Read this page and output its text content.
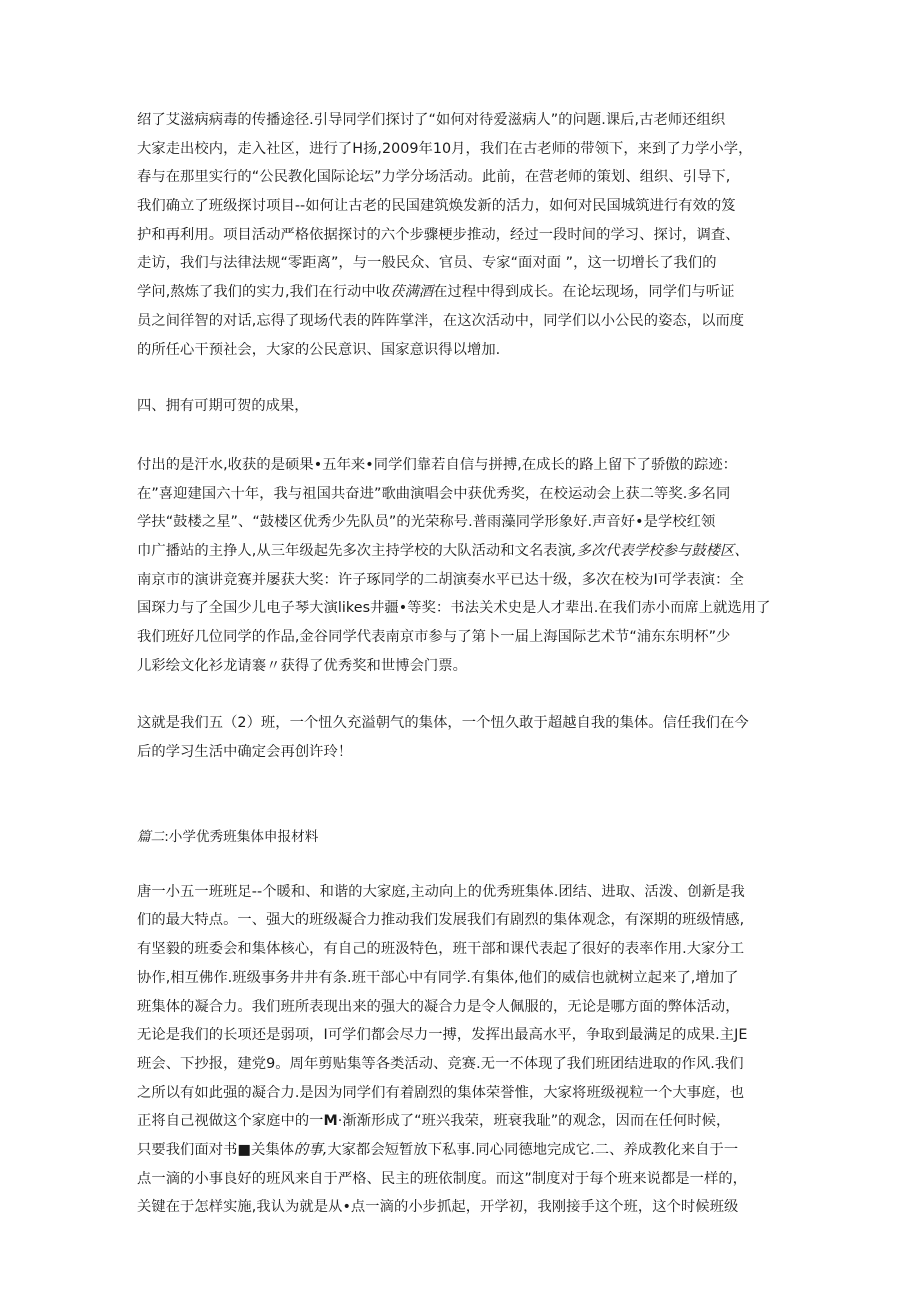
绍了艾滋病病毒的传播途径.引导同学们探讨了“如何对待爱滋病人”的问题.课后,古老师还组织
大家走出校内，走入社区，进行了H扬,2009年10月，我们在古老师的带领下，来到了力学小学，
春与在那里实行的“公民教化国际论坛”力学分场活动。此前，在营老师的策划、组织、引导下,
我们确立了班级探讨项目--如何让古老的民国建筑焕发新的活力，如何对民国城筑进行有效的笈
护和再利用。项目活动严格依据探讨的六个步骤梗步推动，经过一段时间的学习、探讨，调査、
走访，我们与法律法规“零距离”，与一般民众、官员、专家“面对面 ”，这一切增长了我们的
学问,熬炼了我们的实力,我们在行动中收茯满酒在过程中得到成长。在论坛现场，同学们与听证
员之间徉智的对话,忘得了现场代表的阵阵掌泮，在这次活动中，同学们以小公民的姿态，以而度
的所任心干预社会，大家的公民意识、国家意识得以增加.
四、拥有可期可贺的成果，
付出的是汗水,收获的是硕果•五年来•同学们靠若自信与拼搏,在成长的路上留下了骄傲的踪迹：
在”喜迎建国六十年，我与祖国共奋进”歌曲演唱会中获优秀奖，在校运动会上获二等奖.多名同
学扶“鼓楼之星”、“鼓楼区优秀少先队员”的光荣称号.普雨藻同学形象好.声音好•是学校红领
巾广播站的主挣人,从三年级起先多次主持学校的大队活动和文名表演,多次代表学校参与鼓楼区、
南京市的演讲竞赛并屡获大奖：许子琢同学的二胡演奏水平已达十级，多次在校为I可学表演：全
国琛力与了全国少儿电子琴大演likes井疆•等奖：书法关术史是人才辈出.在我们赤小而席上就选用了
我们班好几位同学的作品,金谷同学代表南京市参与了第卜一届上海国际艺术节“浦东东明杯”少
儿彩绘文化衫龙请褰〃获得了优秀奖和世博会门票。
这就是我们五（2）班，一个忸久充溢朝气的集体，一个忸久敢于超越自我的集体。信任我们在今
后的学习生活中确定会再创许玲！
篇二:小学优秀班集体申报材料
唐一小五一班班足--个暖和、和谐的大家庭,主动向上的优秀班集体.团结、进取、活泼、创新是我
们的最大特点。一、强大的班级凝合力推动我们发展我们有剧烈的集体观念，有深期的班级情感,
有坚毅的班委会和集体核心，有自己的班汲特色，班干部和课代表起了很好的表率作用.大家分工
协作,相互佛作.班级事务井井有条.班干部心中有同学.有集体,他们的威信也就树立起来了,增加了
班集体的凝合力。我们班所表现出来的强大的凝合力是令人佩服的，无论是哪方面的弊体活动，
无论是我们的长项还是弱项，I可学们都会尽力一搏，发挥出最高水平，争取到最满足的成果.主JE
班会、下抄报，建党9。周年剪贴集等各类活动、竞赛.无一不体现了我们班团结进取的作风.我们
之所以有如此强的凝合力.是因为同学们有着剧烈的集体荣誉惟，大家将班级视粒一个大事庭，也
正将自己视做这个家庭中的一M·渐渐形成了“班兴我荣，班衰我耻”的观念，因而在任何时候，
只要我们面对书■关集体的事,大家都会短暂放下私事.同心同德地完成它.二、养成教化来自于一
点一滴的小事良好的班风来自于严格、民主的班依制度。而这”制度对于每个班来说都是一样的，
关键在于怎样实施,我认为就是从•点一滴的小步抓起，开学初，我刚接手这个班，这个时候班级
